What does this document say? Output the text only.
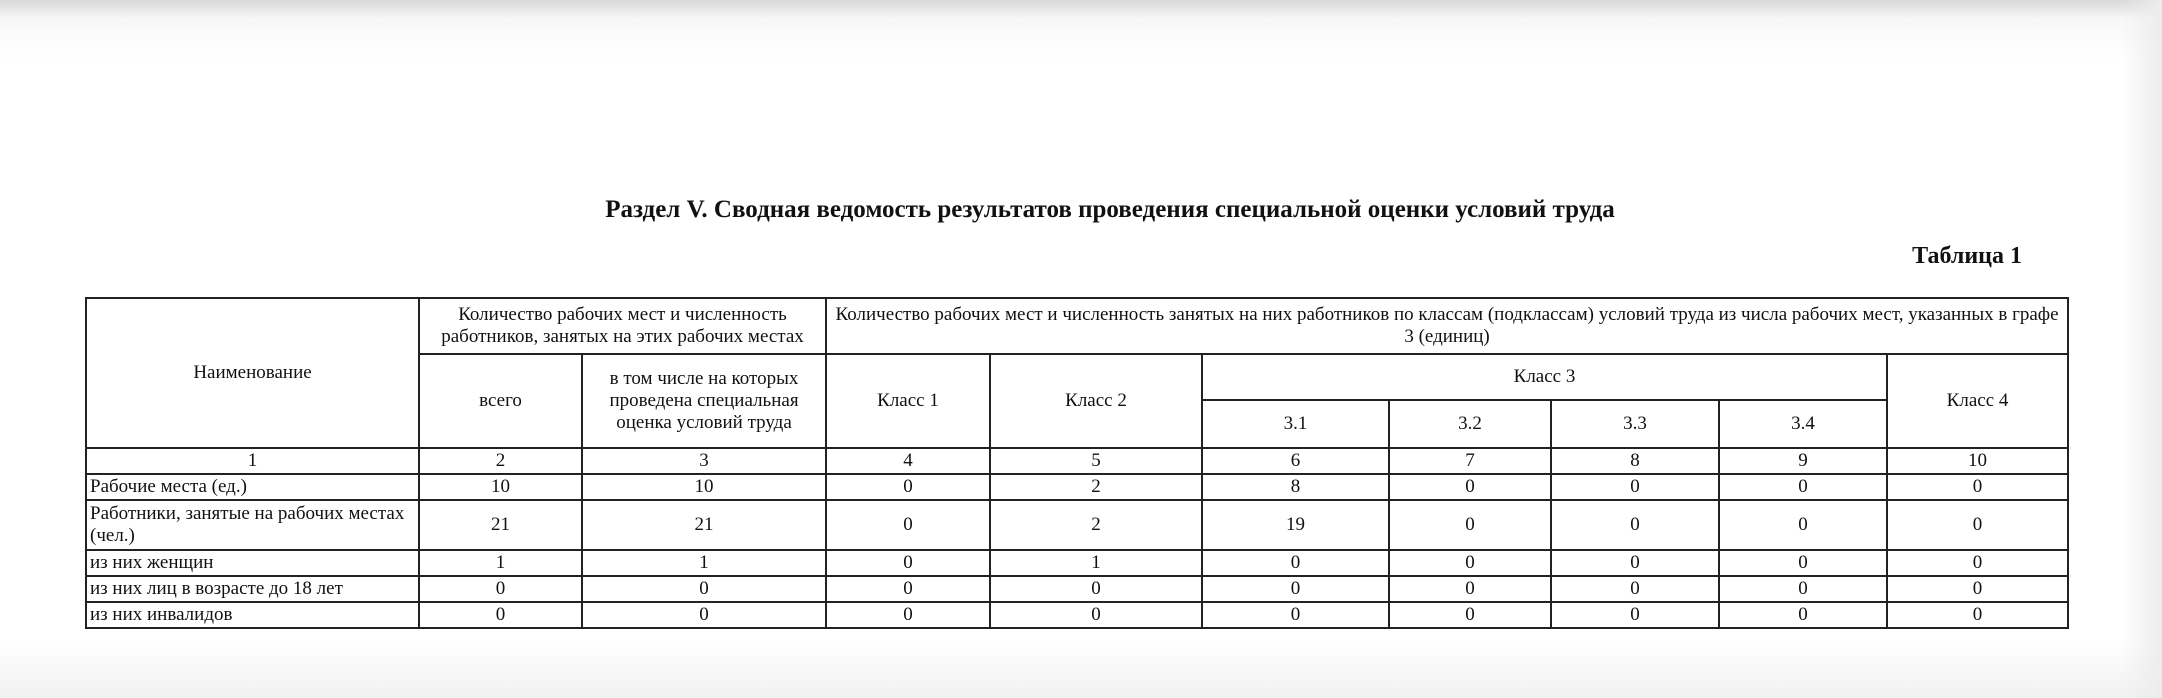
Раздел V. Сводная ведомость результатов проведения специальной оценки условий труда
Таблица 1
Наименование	Количество рабочих мест и численность работников, занятых на этих рабочих местах		Количество рабочих мест и численность занятых на них работников по классам (подклассам) условий труда из числа рабочих мест, указанных в графе 3 (единиц)						
	всего	в том числе на которых проведена специальная оценка условий труда	Класс 1	Класс 2	Класс 3				Класс 4
					3.1	3.2	3.3	3.4	
1	2	3	4	5	6	7	8	9	10
Рабочие места (ед.)	10	10	0	2	8	0	0	0	0
Работники, занятые на рабочих местах (чел.)	21	21	0	2	19	0	0	0	0
из них женщин	1	1	0	1	0	0	0	0	0
из них лиц в возрасте до 18 лет	0	0	0	0	0	0	0	0	0
из них инвалидов	0	0	0	0	0	0	0	0	0
